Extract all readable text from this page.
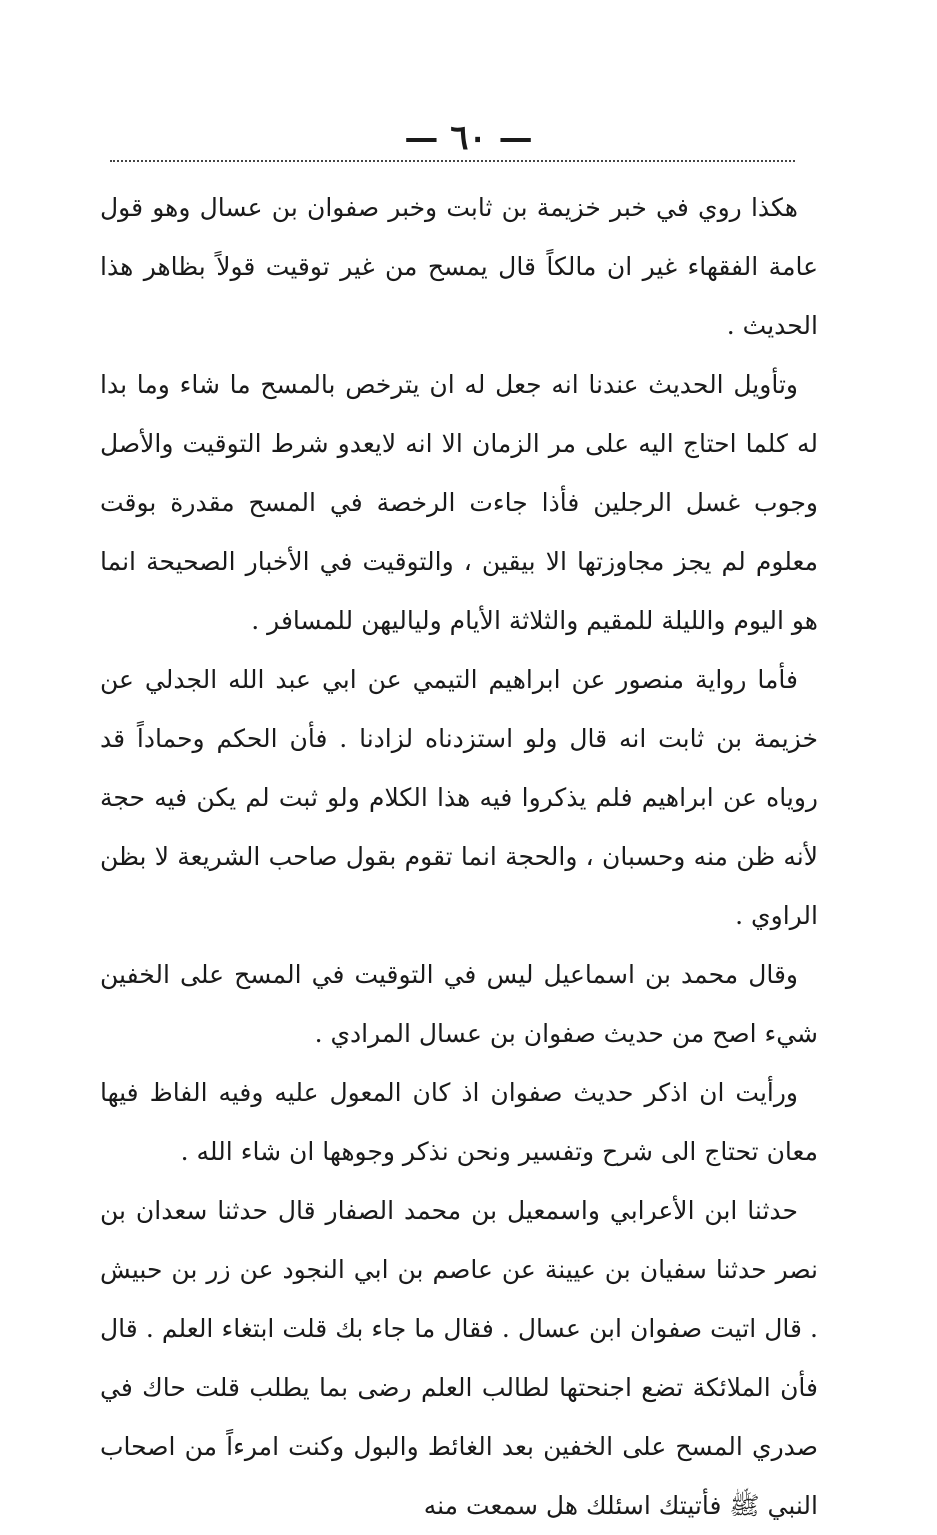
— ٦٠ —

هكذا روي في خبر خزيمة بن ثابت وخبر صفوان بن عسال وهو قول عامة الفقهاء غير ان مالكاً قال يمسح من غير توقيت قولاً بظاهر هذا الحديث .

وتأويل الحديث عندنا انه جعل له ان يترخص بالمسح ما شاء وما بدا له كلما احتاج اليه على مر الزمان الا انه لايعدو شرط التوقيت والأصل وجوب غسل الرجلين فأذا جاءت الرخصة في المسح مقدرة بوقت معلوم لم يجز مجاوزتها الا بيقين ، والتوقيت في الأخبار الصحيحة انما هو اليوم والليلة للمقيم والثلاثة الأيام ولياليهن للمسافر .

فأما رواية منصور عن ابراهيم التيمي عن ابي عبد الله الجدلي عن خزيمة بن ثابت انه قال ولو استزدناه لزادنا . فأن الحكم وحماداً قد روياه عن ابراهيم فلم يذكروا فيه هذا الكلام ولو ثبت لم يكن فيه حجة لأنه ظن منه وحسبان ، والحجة انما تقوم بقول صاحب الشريعة لا بظن الراوي .

وقال محمد بن اسماعيل ليس في التوقيت في المسح على الخفين شيء اصح من حديث صفوان بن عسال المرادي .

ورأيت ان اذكر حديث صفوان اذ كان المعول عليه وفيه الفاظ فيها معان تحتاج الى شرح وتفسير ونحن نذكر وجوهها ان شاء الله .

حدثنا ابن الأعرابي واسمعيل بن محمد الصفار قال حدثنا سعدان بن نصر حدثنا سفيان بن عيينة عن عاصم بن ابي النجود عن زر بن حبيش . قال اتيت صفوان ابن عسال . فقال ما جاء بك قلت ابتغاء العلم . قال فأن الملائكة تضع اجنحتها لطالب العلم رضى بما يطلب قلت حاك في صدري المسح على الخفين بعد الغائط والبول وكنت امرءاً من اصحاب النبي ﷺ فأتيتك اسئلك هل سمعت منه
